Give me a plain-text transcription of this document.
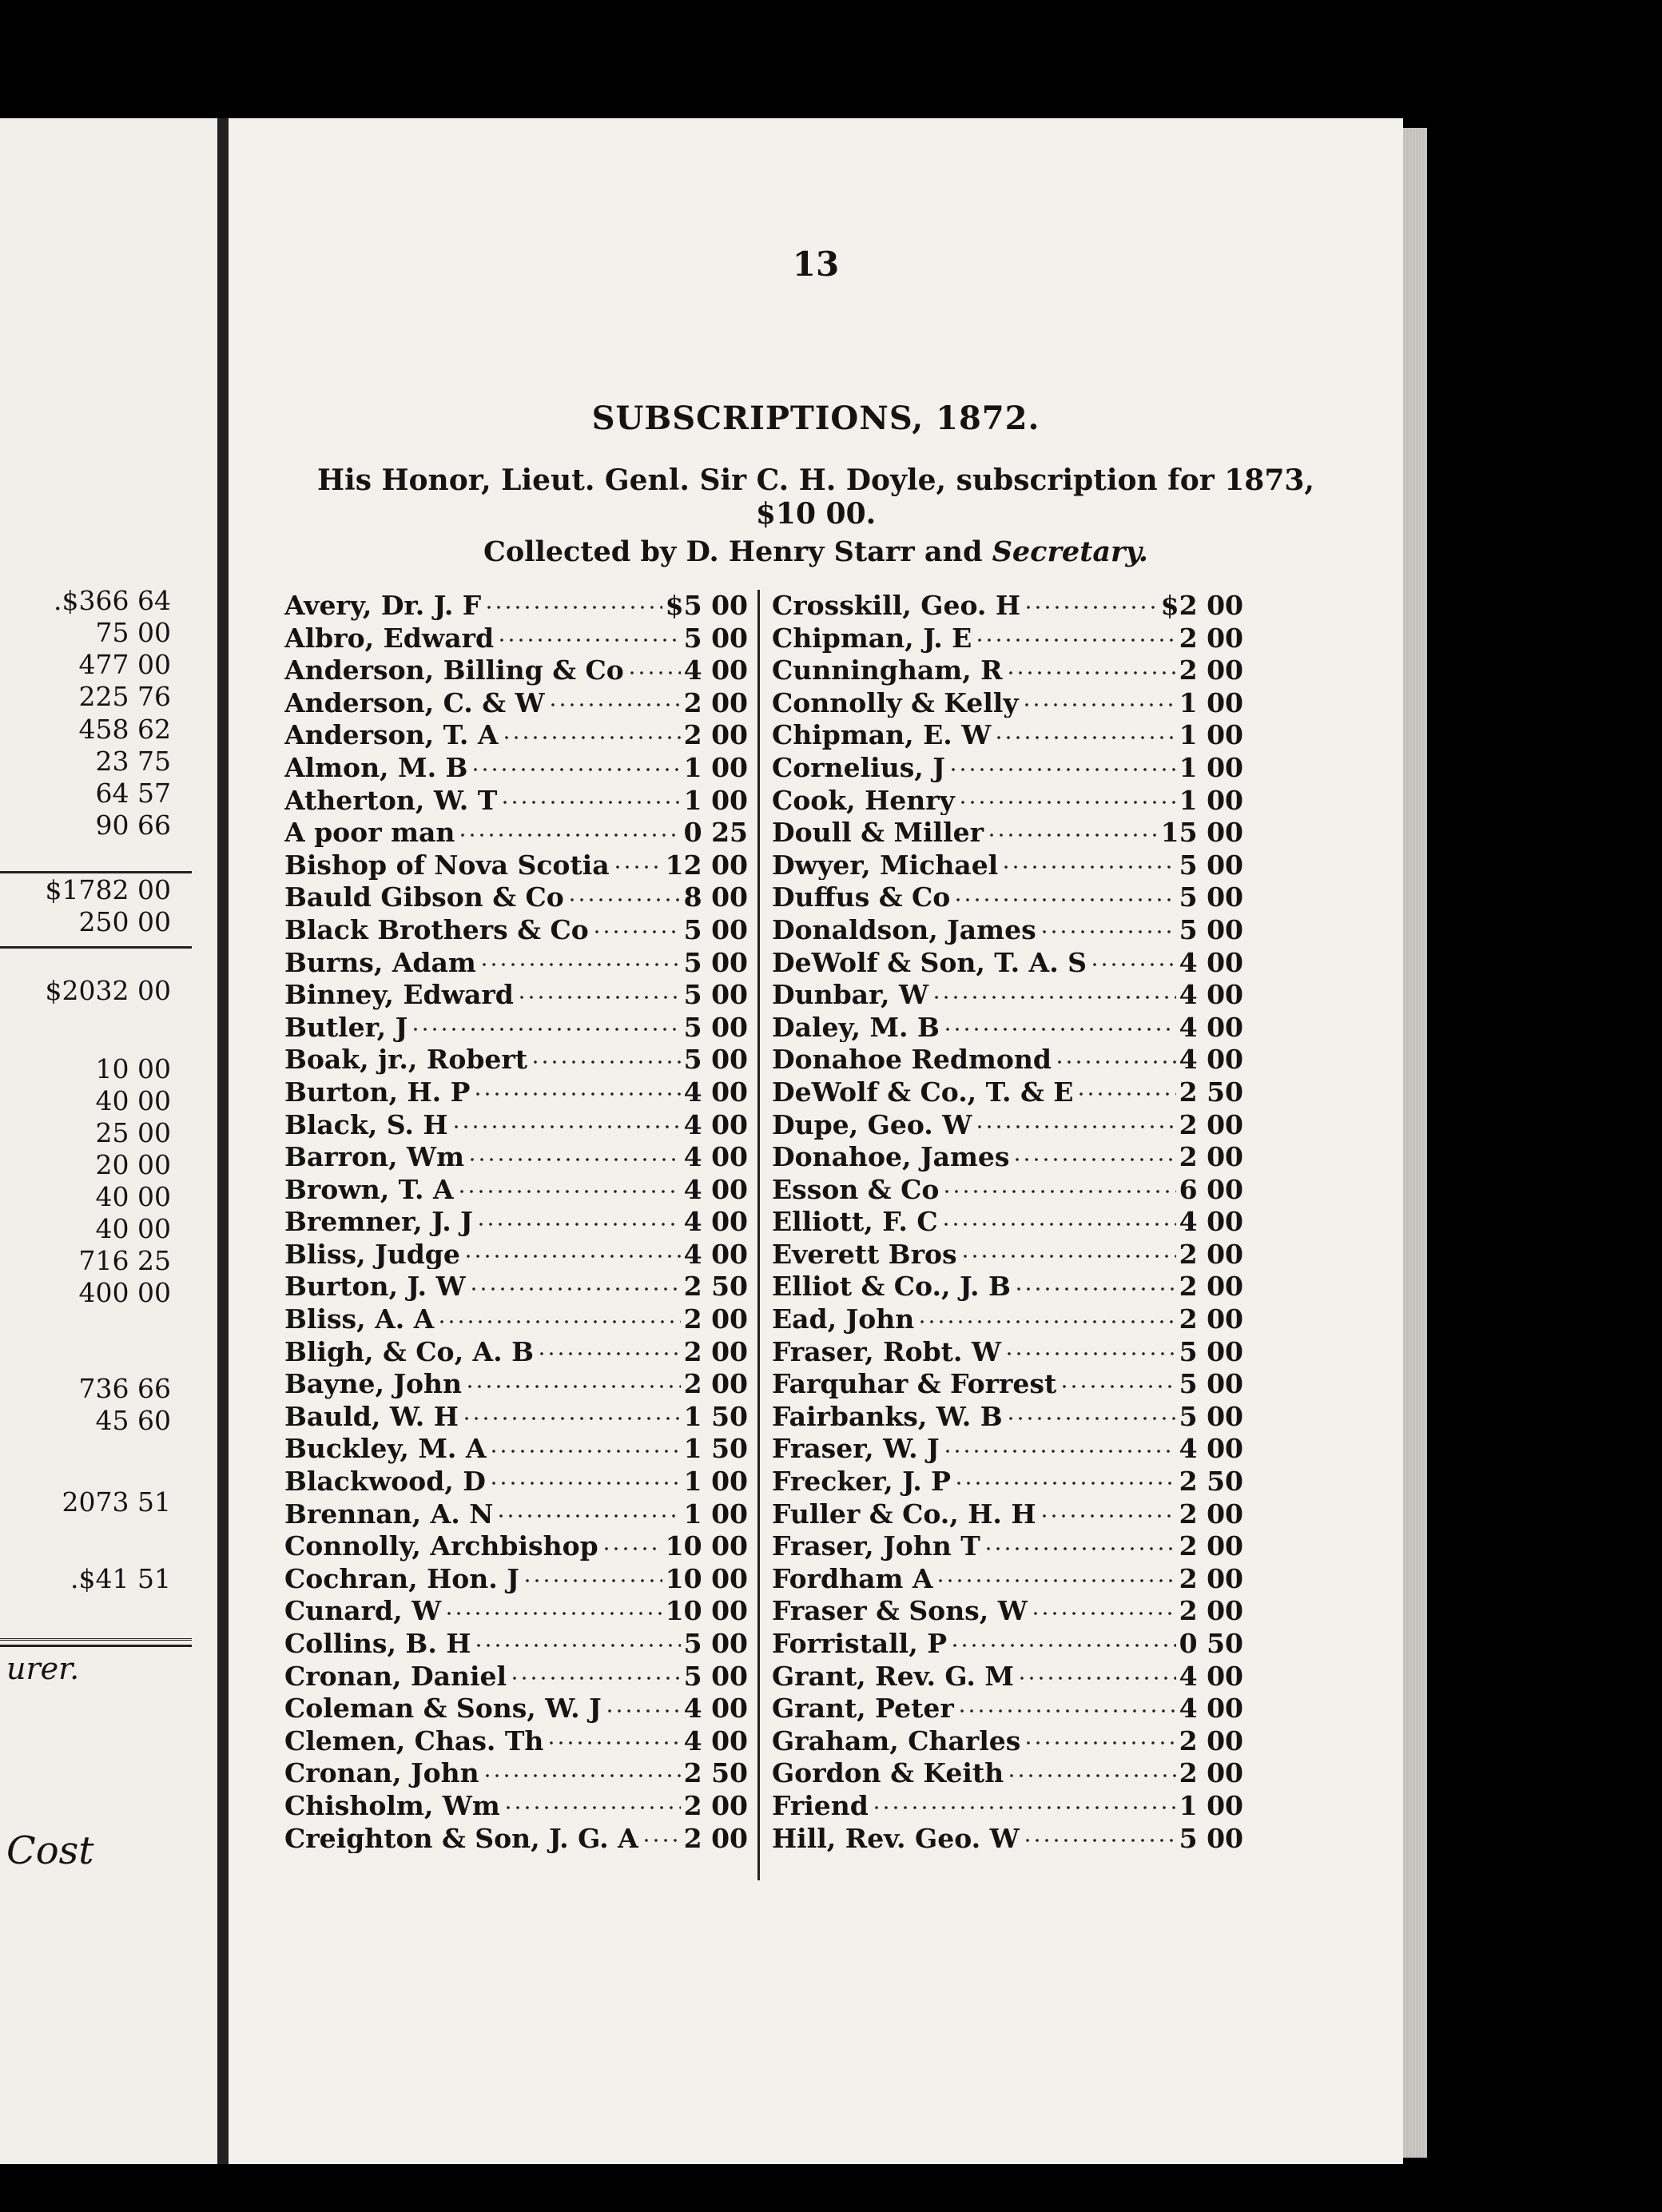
.$366 64
75 00
477 00
225 76
458 62
23 75
64 57
90 66
$1782 00
250 00
$2032 00
10 00
40 00
25 00
20 00
40 00
40 00
716 25
400 00
736 66
45 60
2073 51
.$41 51
urer.
Cost
13
SUBSCRIPTIONS, 1872.
His Honor, Lieut. Genl. Sir C. H. Doyle, subscription for 1873,
$10 00.
Collected by D. Henry Starr and Secretary.
Avery, Dr. J. F	$5 00
Albro, Edward	5 00
Anderson, Billing & Co 4 00
Anderson, C. & W	2 00
Anderson, T. A	2 00
Almon, M. B	1 00
Atherton, W. T	1 00
A poor man	0 25
Bishop of Nova Scotia 12 00
Bauld Gibson & Co	8 00
Black Brothers & Co	5 00
Burns, Adam	5 00
Binney, Edward	5 00
Butler, J	5 00
Boak, jr., Robert	5 00
Burton, H. P	4 00
Black, S. H	4 00
Barron, Wm	4 00
Brown, T. A	4 00
Bremner, J. J	4 00
Bliss, Judge	4 00
Burton, J. W	2 50
Bliss, A. A	2 00
Bligh, & Co, A. B	2 00
Bayne, John	2 00
Bauld, W. H	1 50
Buckley, M. A	1 50
Blackwood, D	1 00
Brennan, A. N	1 00
Connolly, Archbishop	10 00
Cochran, Hon. J	10 00
Cunard, W	10 00
Collins, B. H	5 00
Cronan, Daniel	5 00
Coleman & Sons, W. J	4 00
Clemen, Chas. Th	4 00
Cronan, John	2 50
Chisholm, Wm	2 00
Creighton & Son, J. G. A 2 00
Crosskill, Geo. H	$2 00
Chipman, J. E	2 00
Cunningham, R	2 00
Connolly & Kelly	1 00
Chipman, E. W	1 00
Cornelius, J	1 00
Cook, Henry	1 00
Doull & Miller	15 00
Dwyer, Michael	5 00
Duffus & Co	5 00
Donaldson, James	5 00
DeWolf & Son, T. A. S	4 00
Dunbar, W	4 00
Daley, M. B	4 00
Donahoe Redmond	4 00
DeWolf & Co., T. & E	2 50
Dupe, Geo. W	2 00
Donahoe, James	2 00
Esson & Co	6 00
Elliott, F. C	4 00
Everett Bros	2 00
Elliot & Co., J. B	2 00
Ead, John	2 00
Fraser, Robt. W	5 00
Farquhar & Forrest	5 00
Fairbanks, W. B	5 00
Fraser, W. J	4 00
Frecker, J. P	2 50
Fuller & Co., H. H	2 00
Fraser, John T	2 00
Fordham A	2 00
Fraser & Sons, W	2 00
Forristall, P	0 50
Grant, Rev. G. M	4 00
Grant, Peter	4 00
Graham, Charles	2 00
Gordon & Keith	2 00
Friend	1 00
Hill, Rev. Geo. W	5 00
